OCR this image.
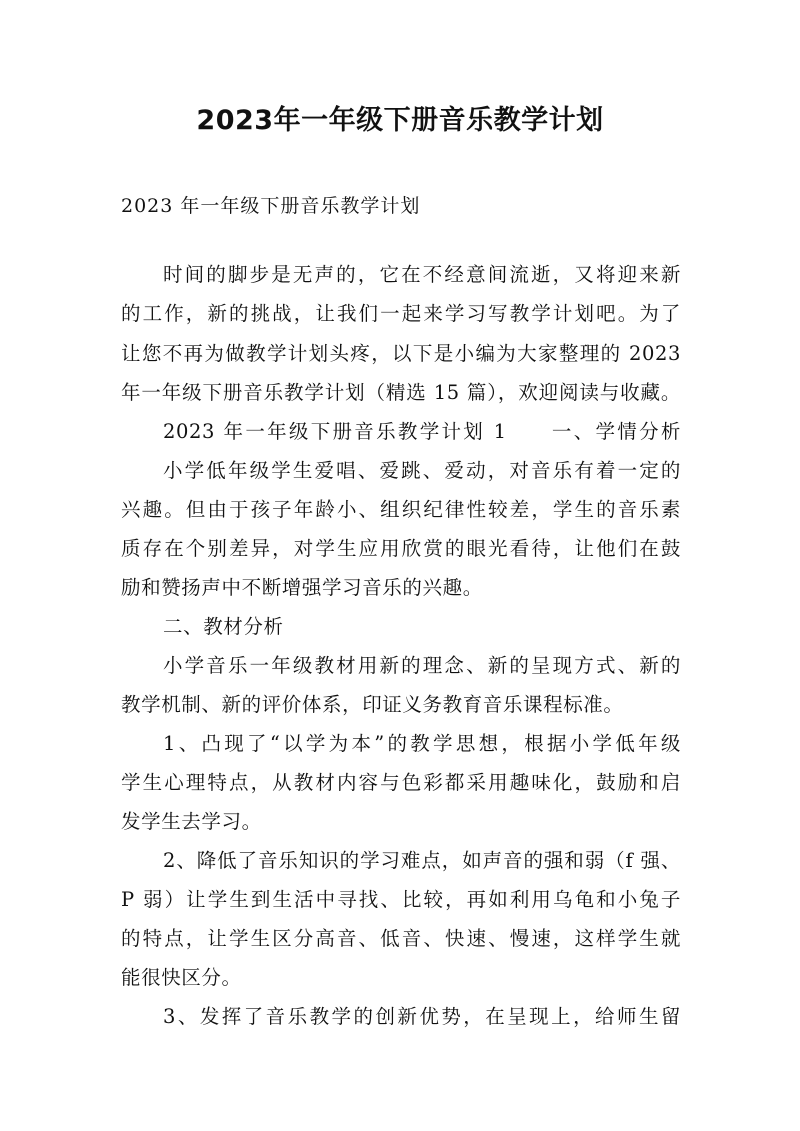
2023年一年级下册音乐教学计划
2023 年一年级下册音乐教学计划
时间的脚步是无声的，它在不经意间流逝，又将迎来新
的工作，新的挑战，让我们一起来学习写教学计划吧。为了
让您不再为做教学计划头疼，以下是小编为大家整理的 2023
年一年级下册音乐教学计划（精选 15 篇），欢迎阅读与收藏。
2023 年一年级下册音乐教学计划 1　　一、学情分析
小学低年级学生爱唱、爱跳、爱动，对音乐有着一定的
兴趣。但由于孩子年龄小、组织纪律性较差，学生的音乐素
质存在个别差异，对学生应用欣赏的眼光看待，让他们在鼓
励和赞扬声中不断增强学习音乐的兴趣。
二、教材分析
小学音乐一年级教材用新的理念、新的呈现方式、新的
教学机制、新的评价体系，印证义务教育音乐课程标准。
1、凸现了“以学为本”的教学思想，根据小学低年级
学生心理特点，从教材内容与色彩都采用趣味化，鼓励和启
发学生去学习。
2、降低了音乐知识的学习难点，如声音的强和弱（f 强、
P 弱）让学生到生活中寻找、比较，再如利用乌龟和小兔子
的特点，让学生区分高音、低音、快速、慢速，这样学生就
能很快区分。
3、发挥了音乐教学的创新优势，在呈现上，给师生留
